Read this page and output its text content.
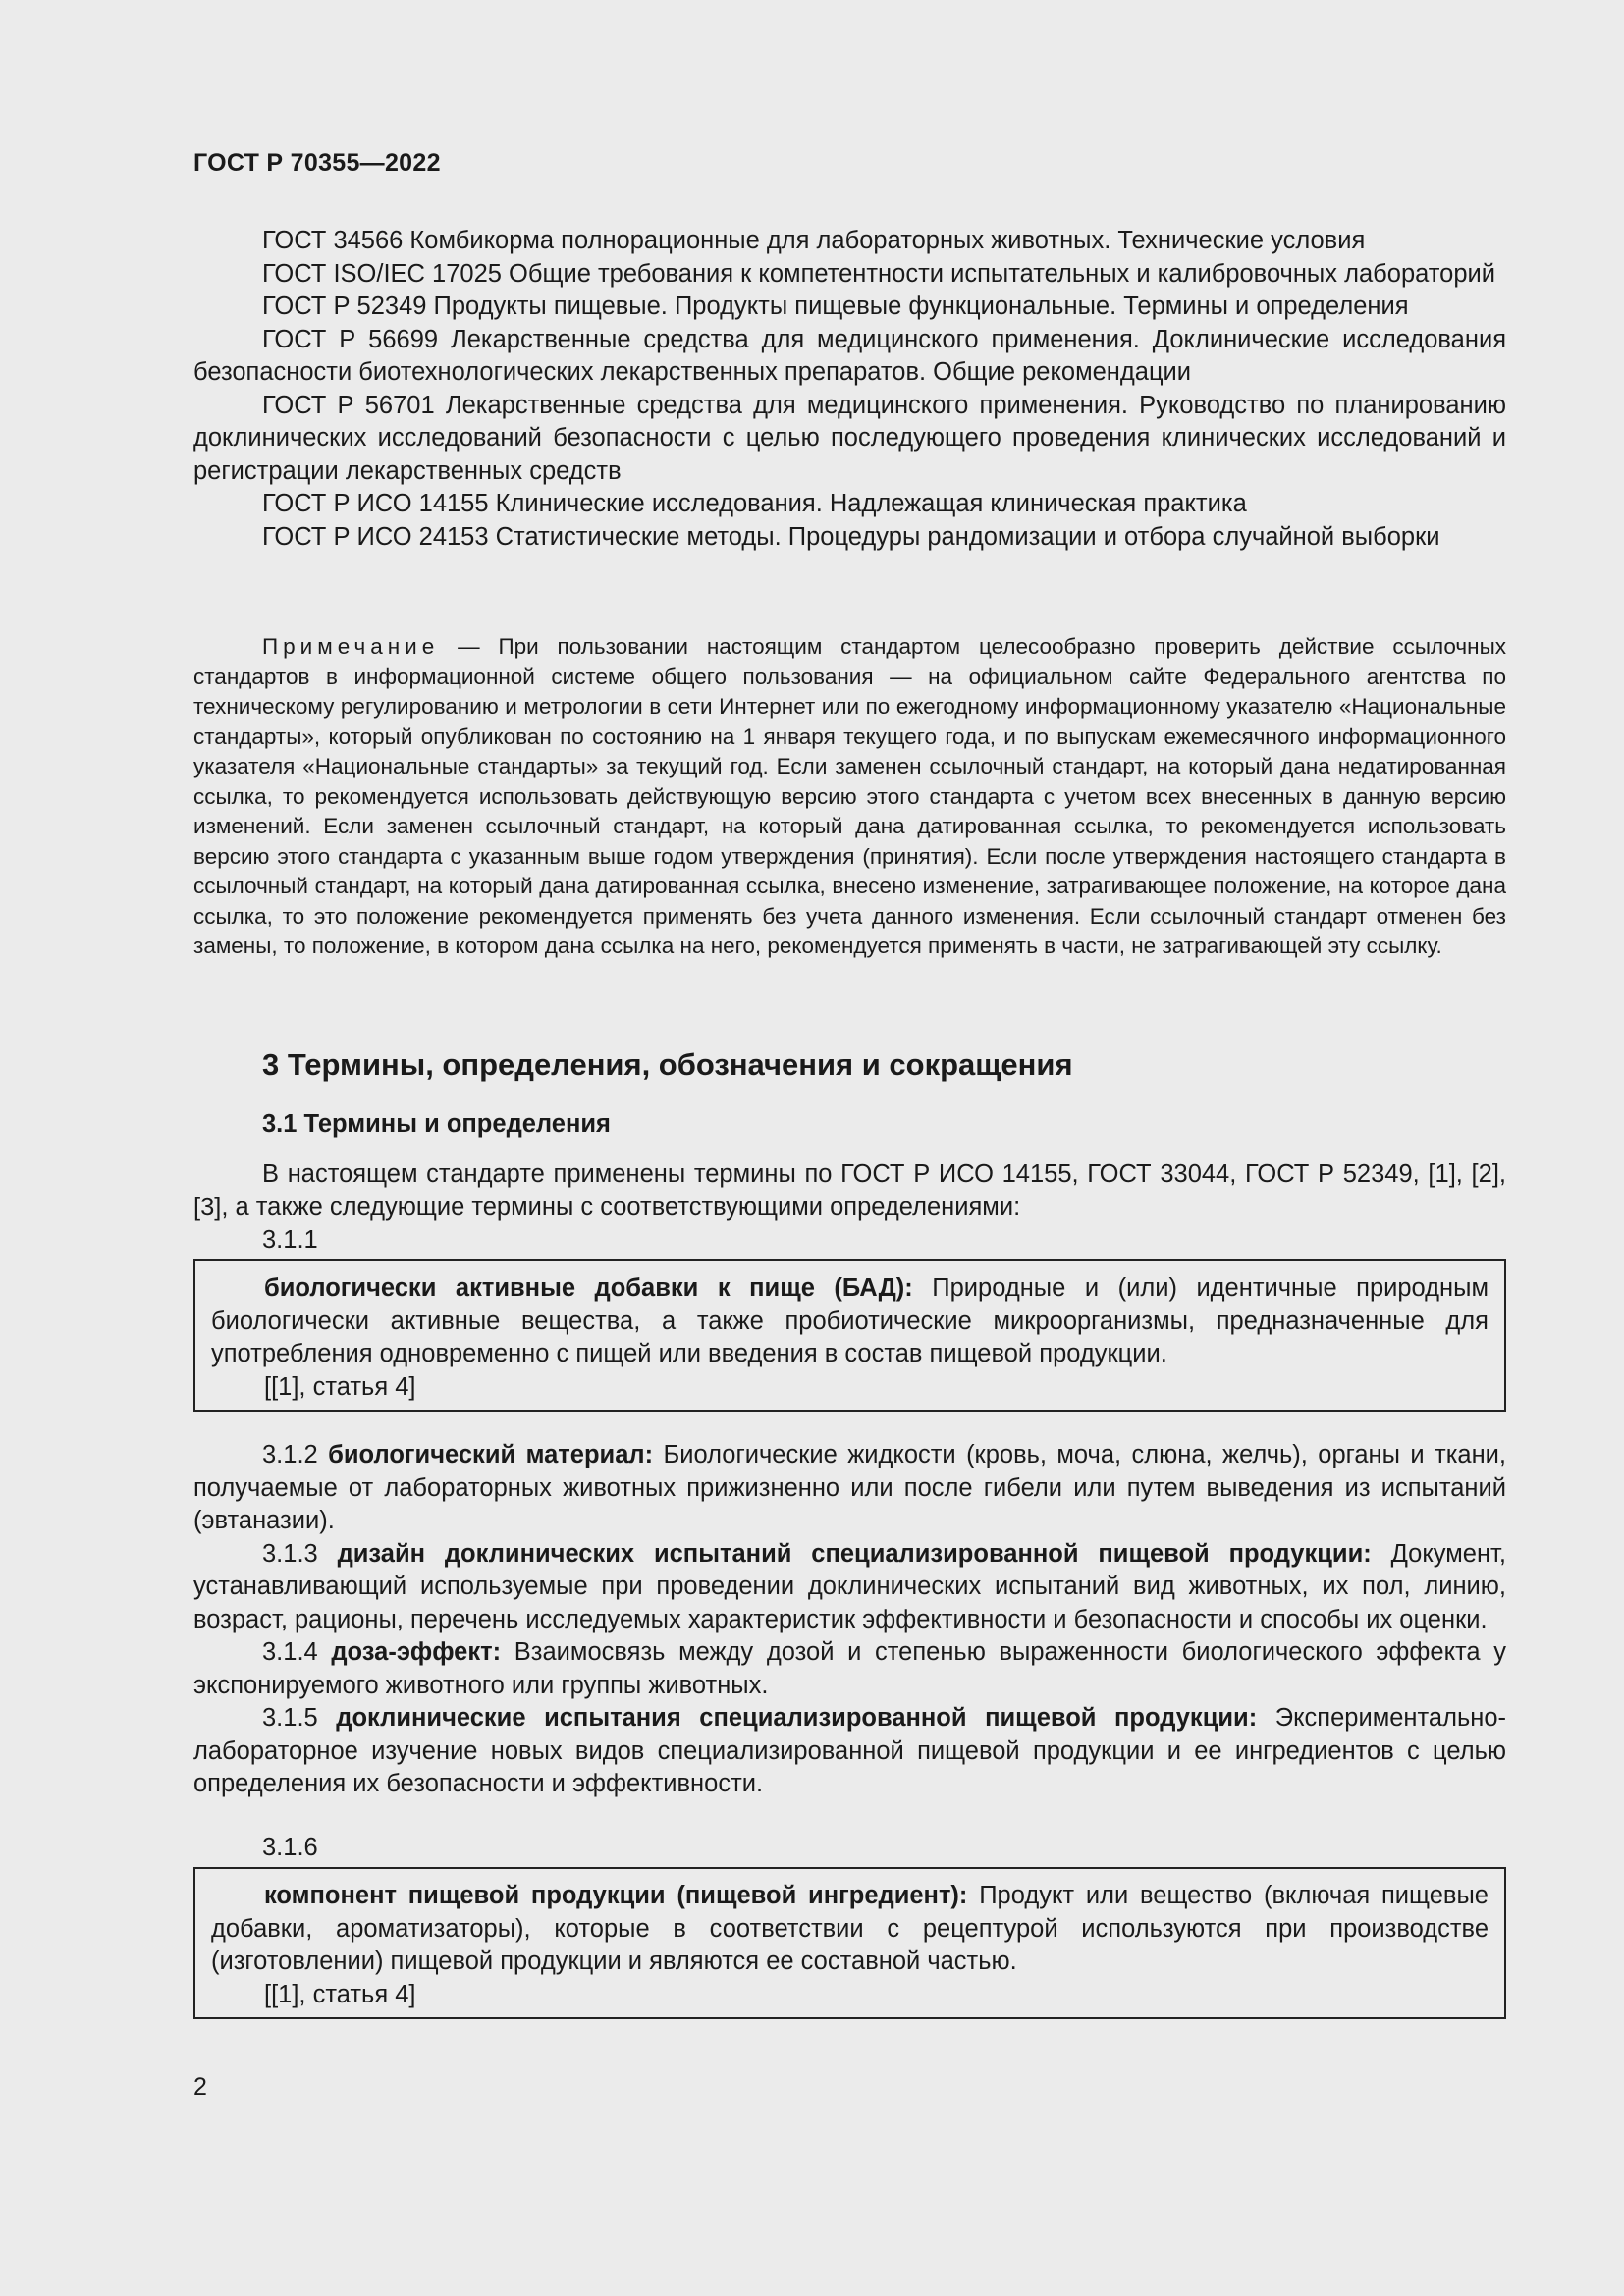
ГОСТ Р 70355—2022

ГОСТ 34566 Комбикорма полнорационные для лабораторных животных. Технические условия

ГОСТ ISO/IEC 17025 Общие требования к компетентности испытательных и калибровочных лабораторий

ГОСТ Р 52349 Продукты пищевые. Продукты пищевые функциональные. Термины и определения

ГОСТ Р 56699 Лекарственные средства для медицинского применения. Доклинические исследования безопасности биотехнологических лекарственных препаратов. Общие рекомендации

ГОСТ Р 56701 Лекарственные средства для медицинского применения. Руководство по планированию доклинических исследований безопасности с целью последующего проведения клинических исследований и регистрации лекарственных средств

ГОСТ Р ИСО 14155 Клинические исследования. Надлежащая клиническая практика

ГОСТ Р ИСО 24153 Статистические методы. Процедуры рандомизации и отбора случайной выборки

Примечание — При пользовании настоящим стандартом целесообразно проверить действие ссылочных стандартов в информационной системе общего пользования — на официальном сайте Федерального агентства по техническому регулированию и метрологии в сети Интернет или по ежегодному информационному указателю «Национальные стандарты», который опубликован по состоянию на 1 января текущего года, и по выпускам ежемесячного информационного указателя «Национальные стандарты» за текущий год. Если заменен ссылочный стандарт, на который дана недатированная ссылка, то рекомендуется использовать действующую версию этого стандарта с учетом всех внесенных в данную версию изменений. Если заменен ссылочный стандарт, на который дана датированная ссылка, то рекомендуется использовать версию этого стандарта с указанным выше годом утверждения (принятия). Если после утверждения настоящего стандарта в ссылочный стандарт, на который дана датированная ссылка, внесено изменение, затрагивающее положение, на которое дана ссылка, то это положение рекомендуется применять без учета данного изменения. Если ссылочный стандарт отменен без замены, то положение, в котором дана ссылка на него, рекомендуется применять в части, не затрагивающей эту ссылку.

3 Термины, определения, обозначения и сокращения
3.1 Термины и определения

В настоящем стандарте применены термины по ГОСТ Р ИСО 14155, ГОСТ 33044, ГОСТ Р 52349, [1], [2], [3], а также следующие термины с соответствующими определениями:

3.1.1

биологически активные добавки к пище (БАД): Природные и (или) идентичные природным биологически активные вещества, а также пробиотические микроорганизмы, предназначенные для употребления одновременно с пищей или введения в состав пищевой продукции.

[[1], статья 4]

3.1.2 биологический материал: Биологические жидкости (кровь, моча, слюна, желчь), органы и ткани, получаемые от лабораторных животных прижизненно или после гибели или путем выведения из испытаний (эвтаназии).

3.1.3 дизайн доклинических испытаний специализированной пищевой продукции: Документ, устанавливающий используемые при проведении доклинических испытаний вид животных, их пол, линию, возраст, рационы, перечень исследуемых характеристик эффективности и безопасности и способы их оценки.

3.1.4 доза-эффект: Взаимосвязь между дозой и степенью выраженности биологического эффекта у экспонируемого животного или группы животных.

3.1.5 доклинические испытания специализированной пищевой продукции: Экспериментально-лабораторное изучение новых видов специализированной пищевой продукции и ее ингредиентов с целью определения их безопасности и эффективности.

3.1.6

компонент пищевой продукции (пищевой ингредиент): Продукт или вещество (включая пищевые добавки, ароматизаторы), которые в соответствии с рецептурой используются при производстве (изготовлении) пищевой продукции и являются ее составной частью.

[[1], статья 4]

2
